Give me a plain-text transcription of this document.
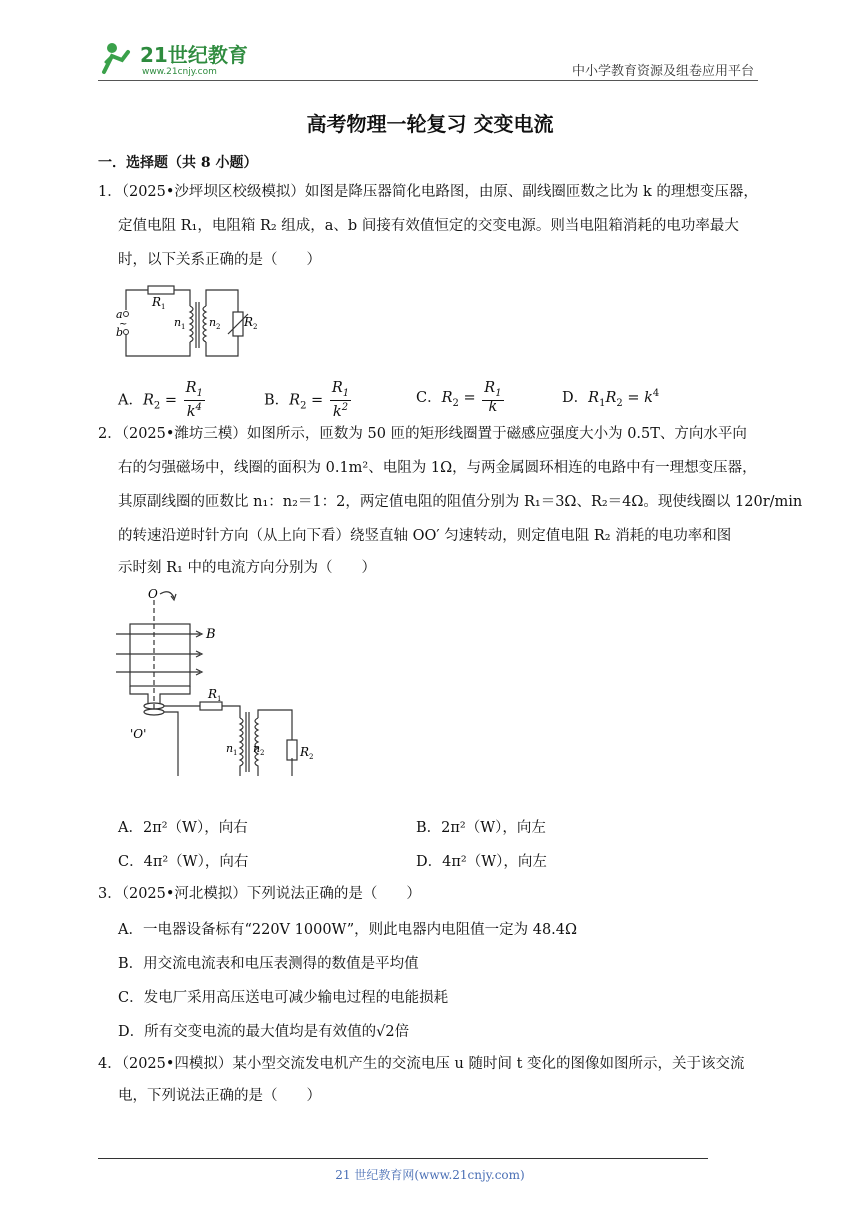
21世纪教育
www.21cnjy.com	中小学教育资源及组卷应用平台
高考物理一轮复习 交变电流
一．选择题（共 8 小题）
1．（2025•沙坪坝区校级模拟）如图是降压器简化电路图，由原、副线圈匝数之比为 k 的理想变压器，
定值电阻 R₁，电阻箱 R₂ 组成，a、b 间接有效值恒定的交变电源。则当电阻箱消耗的电功率最大
时，以下关系正确的是（　　）
a
b
~
R 1
n 1 n 2 R 2
A．$R_2 = \frac{R_1}{k^4}$	B．$R_2 = \frac{R_1}{k^2}$	C．$R_2 = \frac{R_1}{k}$	D．$R_1R_2 = k^4$
2．（2025•潍坊三模）如图所示，匝数为 50 匝的矩形线圈置于磁感应强度大小为 0.5T、方向水平向
右的匀强磁场中，线圈的面积为 0.1m²、电阻为 1Ω，与两金属圆环相连的电路中有一理想变压器，
其原副线圈的匝数比 n₁：n₂＝1：2，两定值电阻的阻值分别为 R₁＝3Ω、R₂＝4Ω。现使线圈以 120r/min
的转速沿逆时针方向（从上向下看）绕竖直轴 OO′ 匀速转动，则定值电阻 R₂ 消耗的电功率和图
示时刻 R₁ 中的电流方向分别为（　　）
O
B
R 1
'O'
n 1 n 2	R 2
A．2π²（W），向右	B．2π²（W），向左
C．4π²（W），向右	D．4π²（W），向左
3．（2025•河北模拟）下列说法正确的是（　　）
A．一电器设备标有“220V 1000W”，则此电器内电阻值一定为 48.4Ω
B．用交流电流表和电压表测得的数值是平均值
C．发电厂采用高压送电可减少输电过程的电能损耗
D．所有交变电流的最大值均是有效值的√2倍
4．（2025•四模拟）某小型交流发电机产生的交流电压 u 随时间 t 变化的图像如图所示，关于该交流
电，下列说法正确的是（　　）
21 世纪教育网(www.21cnjy.com)
